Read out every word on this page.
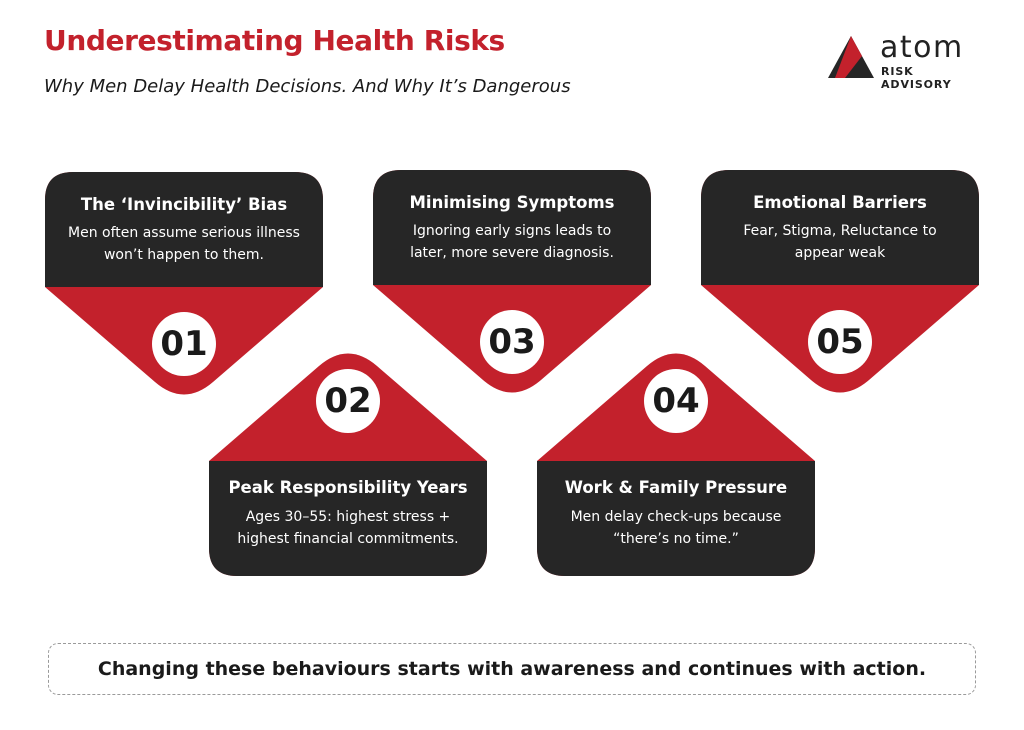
Underestimating Health Risks

Why Men Delay Health Decisions. And Why It’s Dangerous

atom
RISK ADVISORY
The ‘Invincibility’ Bias
Men often assume serious illness won’t happen to them.
01
Minimising Symptoms
Ignoring early signs leads to later, more severe diagnosis.
03
Emotional Barriers
Fear, Stigma, Reluctance to appear weak
05
02
Peak Responsibility Years
Ages 30–55: highest stress + highest financial commitments.
04
Work & Family Pressure
Men delay check-ups because “there’s no time.”
Changing these behaviours starts with awareness and continues with action.
